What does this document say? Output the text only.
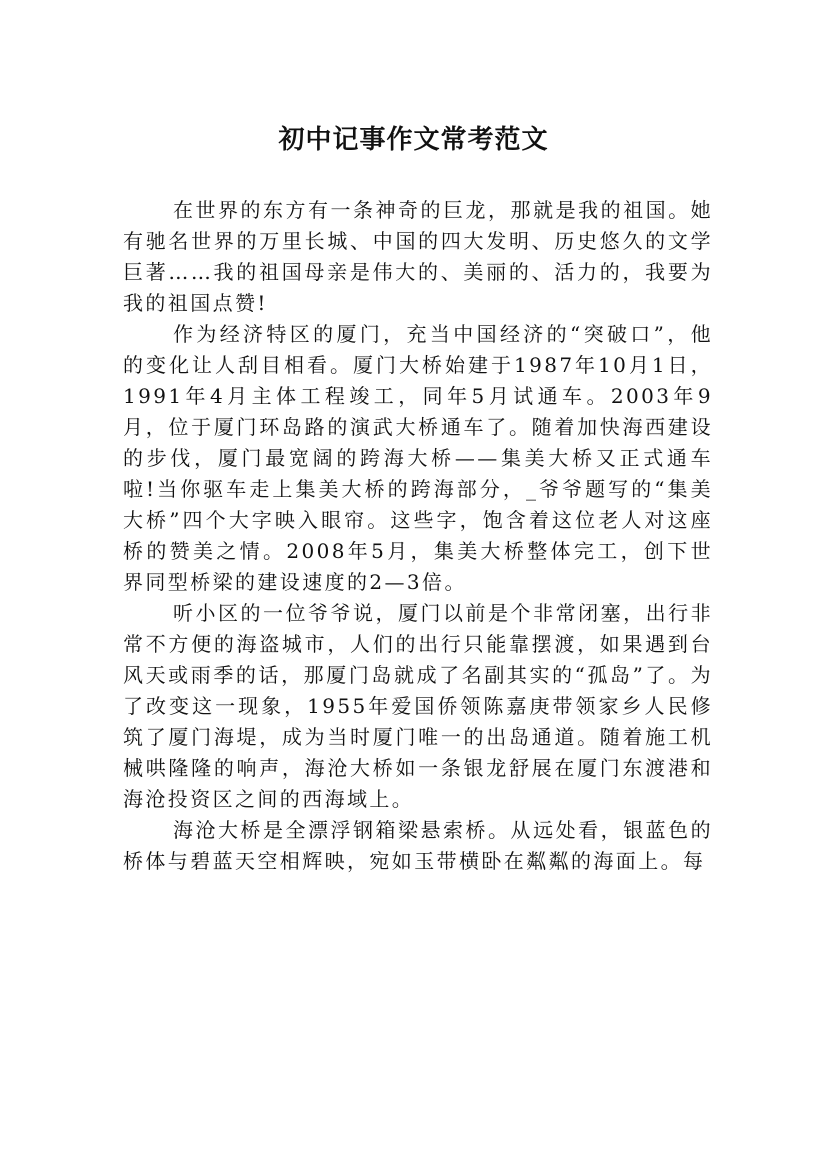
初中记事作文常考范文

在世界的东方有一条神奇的巨龙，那就是我的祖国。她有驰名世界的万里长城、中国的四大发明、历史悠久的文学巨著……我的祖国母亲是伟大的、美丽的、活力的，我要为我的祖国点赞!

作为经济特区的厦门，充当中国经济的“突破口”，他的变化让人刮目相看。厦门大桥始建于1987年10月1日，1991年4月主体工程竣工，同年5月试通车。2003年9月，位于厦门环岛路的演武大桥通车了。随着加快海西建设的步伐，厦门最宽阔的跨海大桥——集美大桥又正式通车啦!当你驱车走上集美大桥的跨海部分，_爷爷题写的“集美大桥”四个大字映入眼帘。这些字，饱含着这位老人对这座桥的赞美之情。2008年5月，集美大桥整体完工，创下世界同型桥梁的建设速度的2—3倍。

听小区的一位爷爷说，厦门以前是个非常闭塞，出行非常不方便的海盗城市，人们的出行只能靠摆渡，如果遇到台风天或雨季的话，那厦门岛就成了名副其实的“孤岛”了。为了改变这一现象，1955年爱国侨领陈嘉庚带领家乡人民修筑了厦门海堤，成为当时厦门唯一的出岛通道。随着施工机械哄隆隆的响声，海沧大桥如一条银龙舒展在厦门东渡港和海沧投资区之间的西海域上。

海沧大桥是全漂浮钢箱梁悬索桥。从远处看，银蓝色的桥体与碧蓝天空相辉映，宛如玉带横卧在粼粼的海面上。每
